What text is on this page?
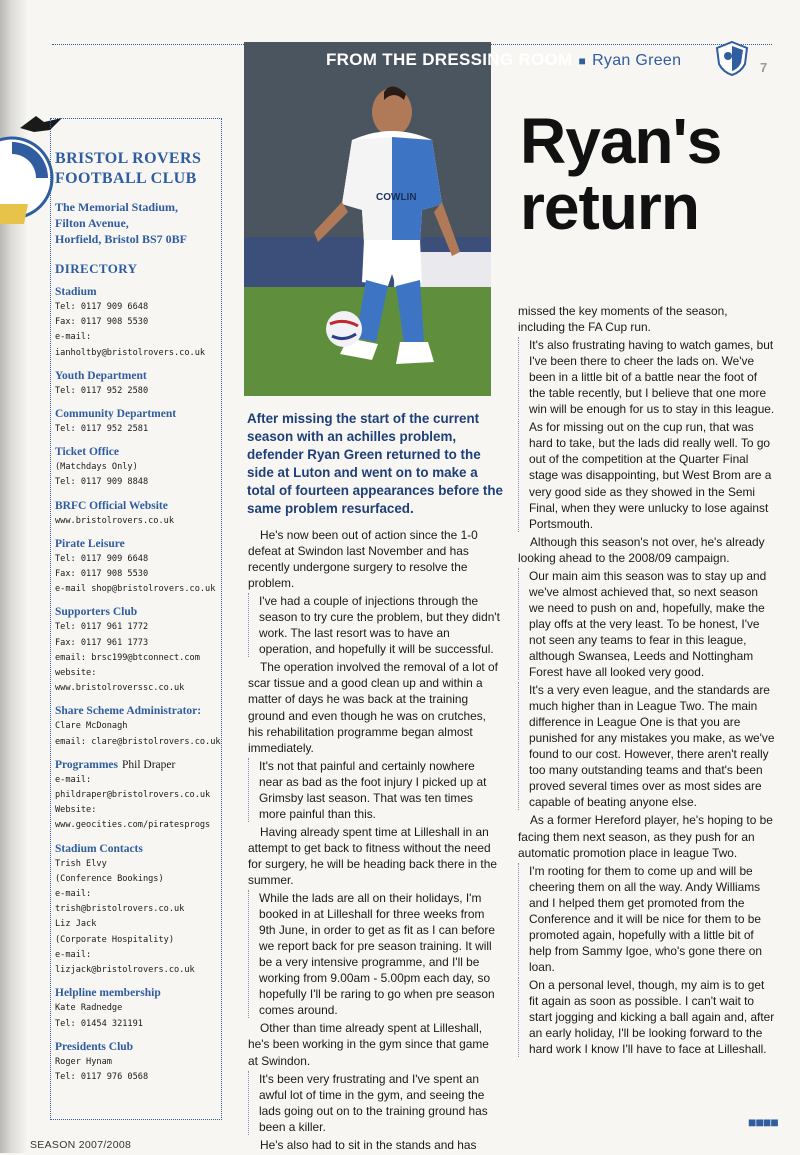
COWLIN
FROM THE DRESSING ROOM ■ Ryan Green	7
BRISTOL ROVERS
FOOTBALL CLUB
The Memorial Stadium,
Filton Avenue,
Horfield, Bristol BS7 0BF
DIRECTORY
Stadium
Tel: 0117 909 6648
Fax: 0117 908 5530
e-mail:
ianholtby@bristolrovers.co.uk
Youth Department
Tel: 0117 952 2580
Community Department
Tel: 0117 952 2581
Ticket Office
(Matchdays Only)
Tel: 0117 909 8848
BRFC Official Website
www.bristolrovers.co.uk
Pirate Leisure
Tel: 0117 909 6648
Fax: 0117 908 5530
e-mail shop@bristolrovers.co.uk
Supporters Club
Tel: 0117 961 1772
Fax: 0117 961 1773
email: brsc199@btconnect.com
website:
www.bristolroverssc.co.uk
Share Scheme Administrator:
Clare McDonagh
email: clare@bristolrovers.co.uk
Programmes Phil Draper
e-mail:
phildraper@bristolrovers.co.uk
Website:
www.geocities.com/piratesprogs
Stadium Contacts
Trish Elvy
(Conference Bookings)
e-mail:
trish@bristolrovers.co.uk
Liz Jack
(Corporate Hospitality)
e-mail:
lizjack@bristolrovers.co.uk
Helpline membership
Kate Radnedge
Tel: 01454 321191
Presidents Club
Roger Hynam
Tel: 0117 976 0568
Ryan's
return
After missing the start of the current season with an achilles problem, defender Ryan Green returned to the side at Luton and went on to make a total of fourteen appearances before the same problem resurfaced.

He's now been out of action since the 1-0 defeat at Swindon last November and has recently undergone surgery to resolve the problem.

I've had a couple of injections through the season to try cure the problem, but they didn't work. The last resort was to have an operation, and hopefully it will be successful.

The operation involved the removal of a lot of scar tissue and a good clean up and within a matter of days he was back at the training ground and even though he was on crutches, his rehabilitation programme began almost immediately.

It's not that painful and certainly nowhere near as bad as the foot injury I picked up at Grimsby last season. That was ten times more painful than this.

Having already spent time at Lilleshall in an attempt to get back to fitness without the need for surgery, he will be heading back there in the summer.

While the lads are all on their holidays, I'm booked in at Lilleshall for three weeks from 9th June, in order to get as fit as I can before we report back for pre season training. It will be a very intensive programme, and I'll be working from 9.00am - 5.00pm each day, so hopefully I'll be raring to go when pre season comes around.

Other than time already spent at Lilleshall, he's been working in the gym since that game at Swindon.

It's been very frustrating and I've spent an awful lot of time in the gym, and seeing the lads going out on to the training ground has been a killer.

He's also had to sit in the stands and has

missed the key moments of the season, including the FA Cup run.

It's also frustrating having to watch games, but I've been there to cheer the lads on. We've been in a little bit of a battle near the foot of the table recently, but I believe that one more win will be enough for us to stay in this league.

As for missing out on the cup run, that was hard to take, but the lads did really well. To go out of the competition at the Quarter Final stage was disappointing, but West Brom are a very good side as they showed in the Semi Final, when they were unlucky to lose against Portsmouth.

Although this season's not over, he's already looking ahead to the 2008/09 campaign.

Our main aim this season was to stay up and we've almost achieved that, so next season we need to push on and, hopefully, make the play offs at the very least. To be honest, I've not seen any teams to fear in this league, although Swansea, Leeds and Nottingham Forest have all looked very good.

It's a very even league, and the standards are much higher than in League Two. The main difference in League One is that you are punished for any mistakes you make, as we've found to our cost. However, there aren't really too many outstanding teams and that's been proved several times over as most sides are capable of beating anyone else.

As a former Hereford player, he's hoping to be facing them next season, as they push for an automatic promotion place in league Two.

I'm rooting for them to come up and will be cheering them on all the way. Andy Williams and I helped them get promoted from the Conference and it will be nice for them to be promoted again, hopefully with a little bit of help from Sammy Igoe, who's gone there on loan.

On a personal level, though, my aim is to get fit again as soon as possible. I can't wait to start jogging and kicking a ball again and, after an early holiday, I'll be looking forward to the hard work I know I'll have to face at Lilleshall.

■■■■
SEASON 2007/2008
